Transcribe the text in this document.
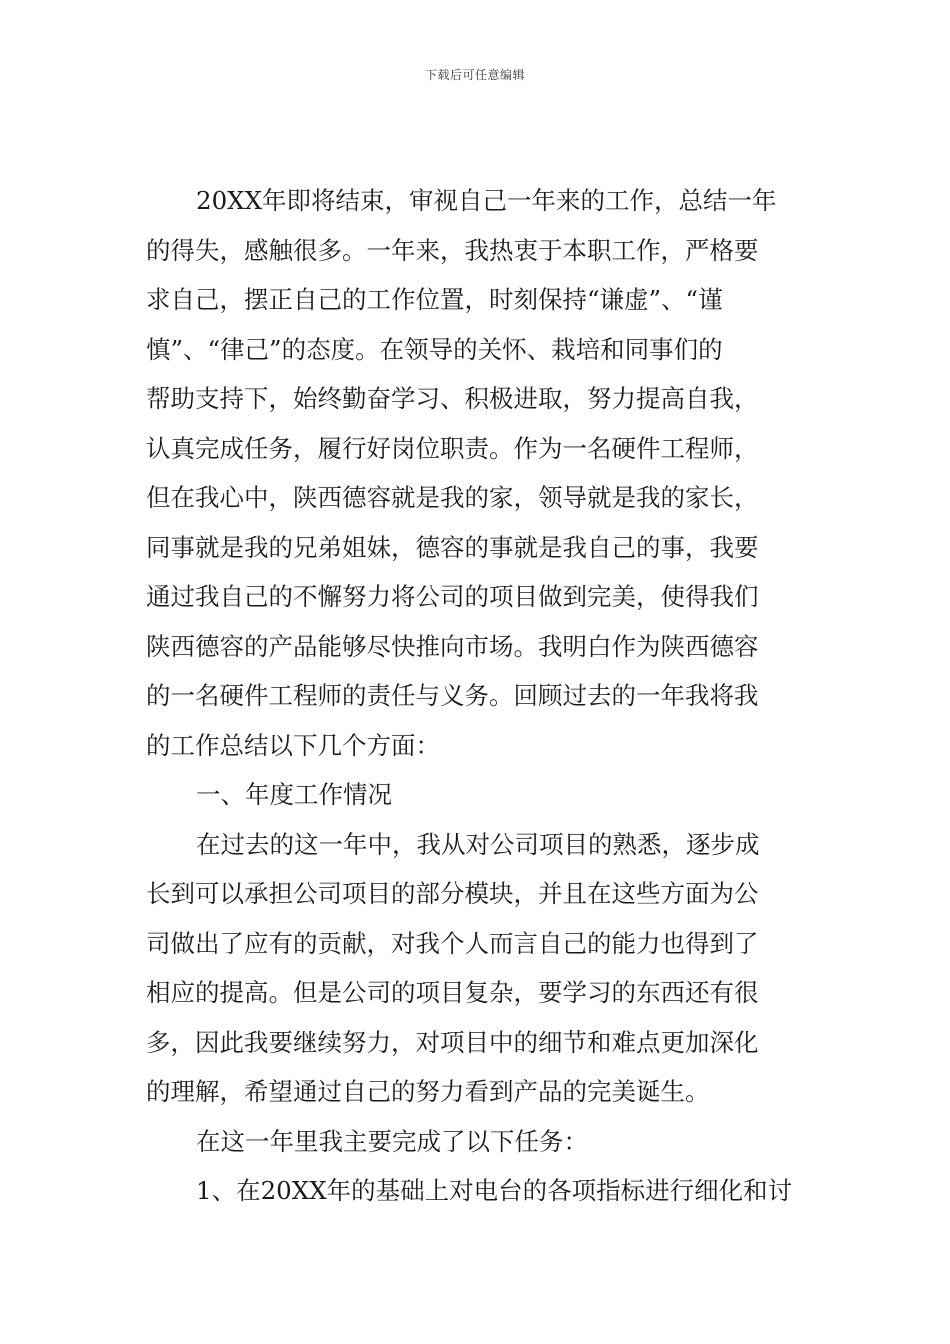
下载后可任意编辑
20XX年即将结束，审视自己一年来的工作，总结一年
的得失，感触很多。一年来，我热衷于本职工作，严格要
求自己，摆正自己的工作位置，时刻保持“谦虚”、“谨
慎”、“律己”的态度。在领导的关怀、栽培和同事们的
帮助支持下，始终勤奋学习、积极进取，努力提高自我，
认真完成任务，履行好岗位职责。作为一名硬件工程师，
但在我心中，陕西德容就是我的家，领导就是我的家长，
同事就是我的兄弟姐妹，德容的事就是我自己的事，我要
通过我自己的不懈努力将公司的项目做到完美，使得我们
陕西德容的产品能够尽快推向市场。我明白作为陕西德容
的一名硬件工程师的责任与义务。回顾过去的一年我将我
的工作总结以下几个方面：
一、年度工作情况
在过去的这一年中，我从对公司项目的熟悉，逐步成
长到可以承担公司项目的部分模块，并且在这些方面为公
司做出了应有的贡献，对我个人而言自己的能力也得到了
相应的提高。但是公司的项目复杂，要学习的东西还有很
多，因此我要继续努力，对项目中的细节和难点更加深化
的理解，希望通过自己的努力看到产品的完美诞生。
在这一年里我主要完成了以下任务：
1、在20XX年的基础上对电台的各项指标进行细化和讨
